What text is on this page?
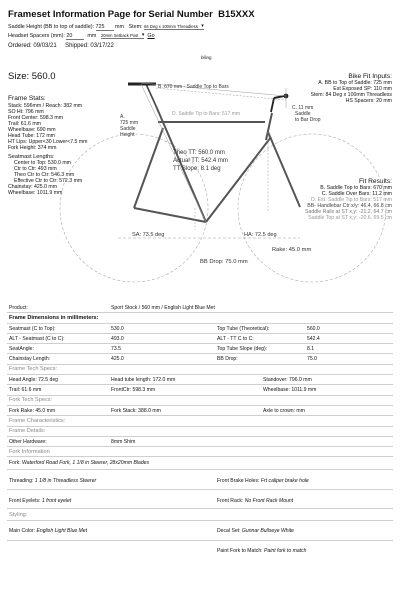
Frameset Information Page for Serial Number B15XXX
Saddle Height (BB to top of saddle): 725 mm Stem: 84 Deg x 100mm Threadless ▾
Headset Spacers (mm): 20	mm 20mm Setback Post ▾ Go
Ordered: 09/03/21 Shipped: 03/17/22
biling
Size: 560.0
Frame Stats:
Stack: 596mm / Reach: 382 mm
SO Ht: 796 mm
Front Center: 598.3 mm
Trail: 61.6 mm
Wheelbase: 690 mm
Head Tube: 172 mm
HT Lips: Upper<30 Lower<7.5 mm
Fork Height: 374 mm
Seatmast Lengths:
Center to Top: 530.0 mm
Ctr to Ctr: 493 mm
Theo Ctr to Ctr: 546.3 mm
Effective Ctr to Ctr: 572.3 mm
Chainstay: 425.0 mm
Wheelbase: 1011.9 mm
Bike Fit Inputs:
A. BB to Top of Saddle: 725 mm
Est Exposed SP: 110 mm
Stem: 84 Deg x 100mm Threadless
HS Spacers: 20 mm
Fit Results:
B. Saddle Top to Bars: 670 mm
C. Saddle Over Bars: 11.2 mm
D. Est. Saddle Tip to Bars: 517 mm
BB- Handlebar Ctr x/y: 46.4, 66.8 cm
Saddle Rails at ST x,y: -21.2, 64.7 cm
Saddle Top at ST x,y: -20.6, 69.5 cm
B. 670 mm - Saddle Top to Bars
D. Saddle Tip to Bars: 517 mm
A.
725 mm
Saddle
Height
C. 11 mm
Saddle
to Bar Drop
Theo TT: 560.0 mm
Actual TT: 542.4 mm
TT Slope: 8.1 deg
SA: 73.5 deg	HA: 72.5 deg
BB Drop: 75.0 mm
Rake: 45.0 mm
Product:	Sport Stock / 560 mm / English Light Blue Met
Frame Dimensions in millimeters:
Seatmast (C to Top):	530.0	Top Tube (Theoretical):	560.0
ALT - Seatmast (C to C):	493.0	ALT - TT C to C:	542.4
SeatAngle:	73.5	Top Tube Slope (deg):	8.1
Chainstay Length:	425.0	BB Drop:	75.0
Frame Tech Specs:
Head Angle: 72.5 deg	Head tube length: 172.0 mm	Standover: 796.0 mm
Trail: 61.6 mm	FrontCtr: 598.3 mm	Wheelbase: 1011.9 mm
Fork Tech Specs:
Fork Rake: 45.0 mm	Fork Stack: 388.0 mm	Axle to crown: mm
Frame Characteristics:
Frame Details:
Other Hardware:	8mm Shim
Fork Information
Fork: Waterford Road Fork, 1 1/8 in Steerer, 28x20mm Blades
Threading: 1 1/8 in Threadless Steerer	Front Brake Holes: Frt caliper brake hole
Front Eyelets: 1 front eyelet	Front Rack: No Front Rack Mount
Styling:
Main Color: English Light Blue Met	Decal Set: Gunnar Bullseye White
Paint Fork to Match: Paint fork to match
